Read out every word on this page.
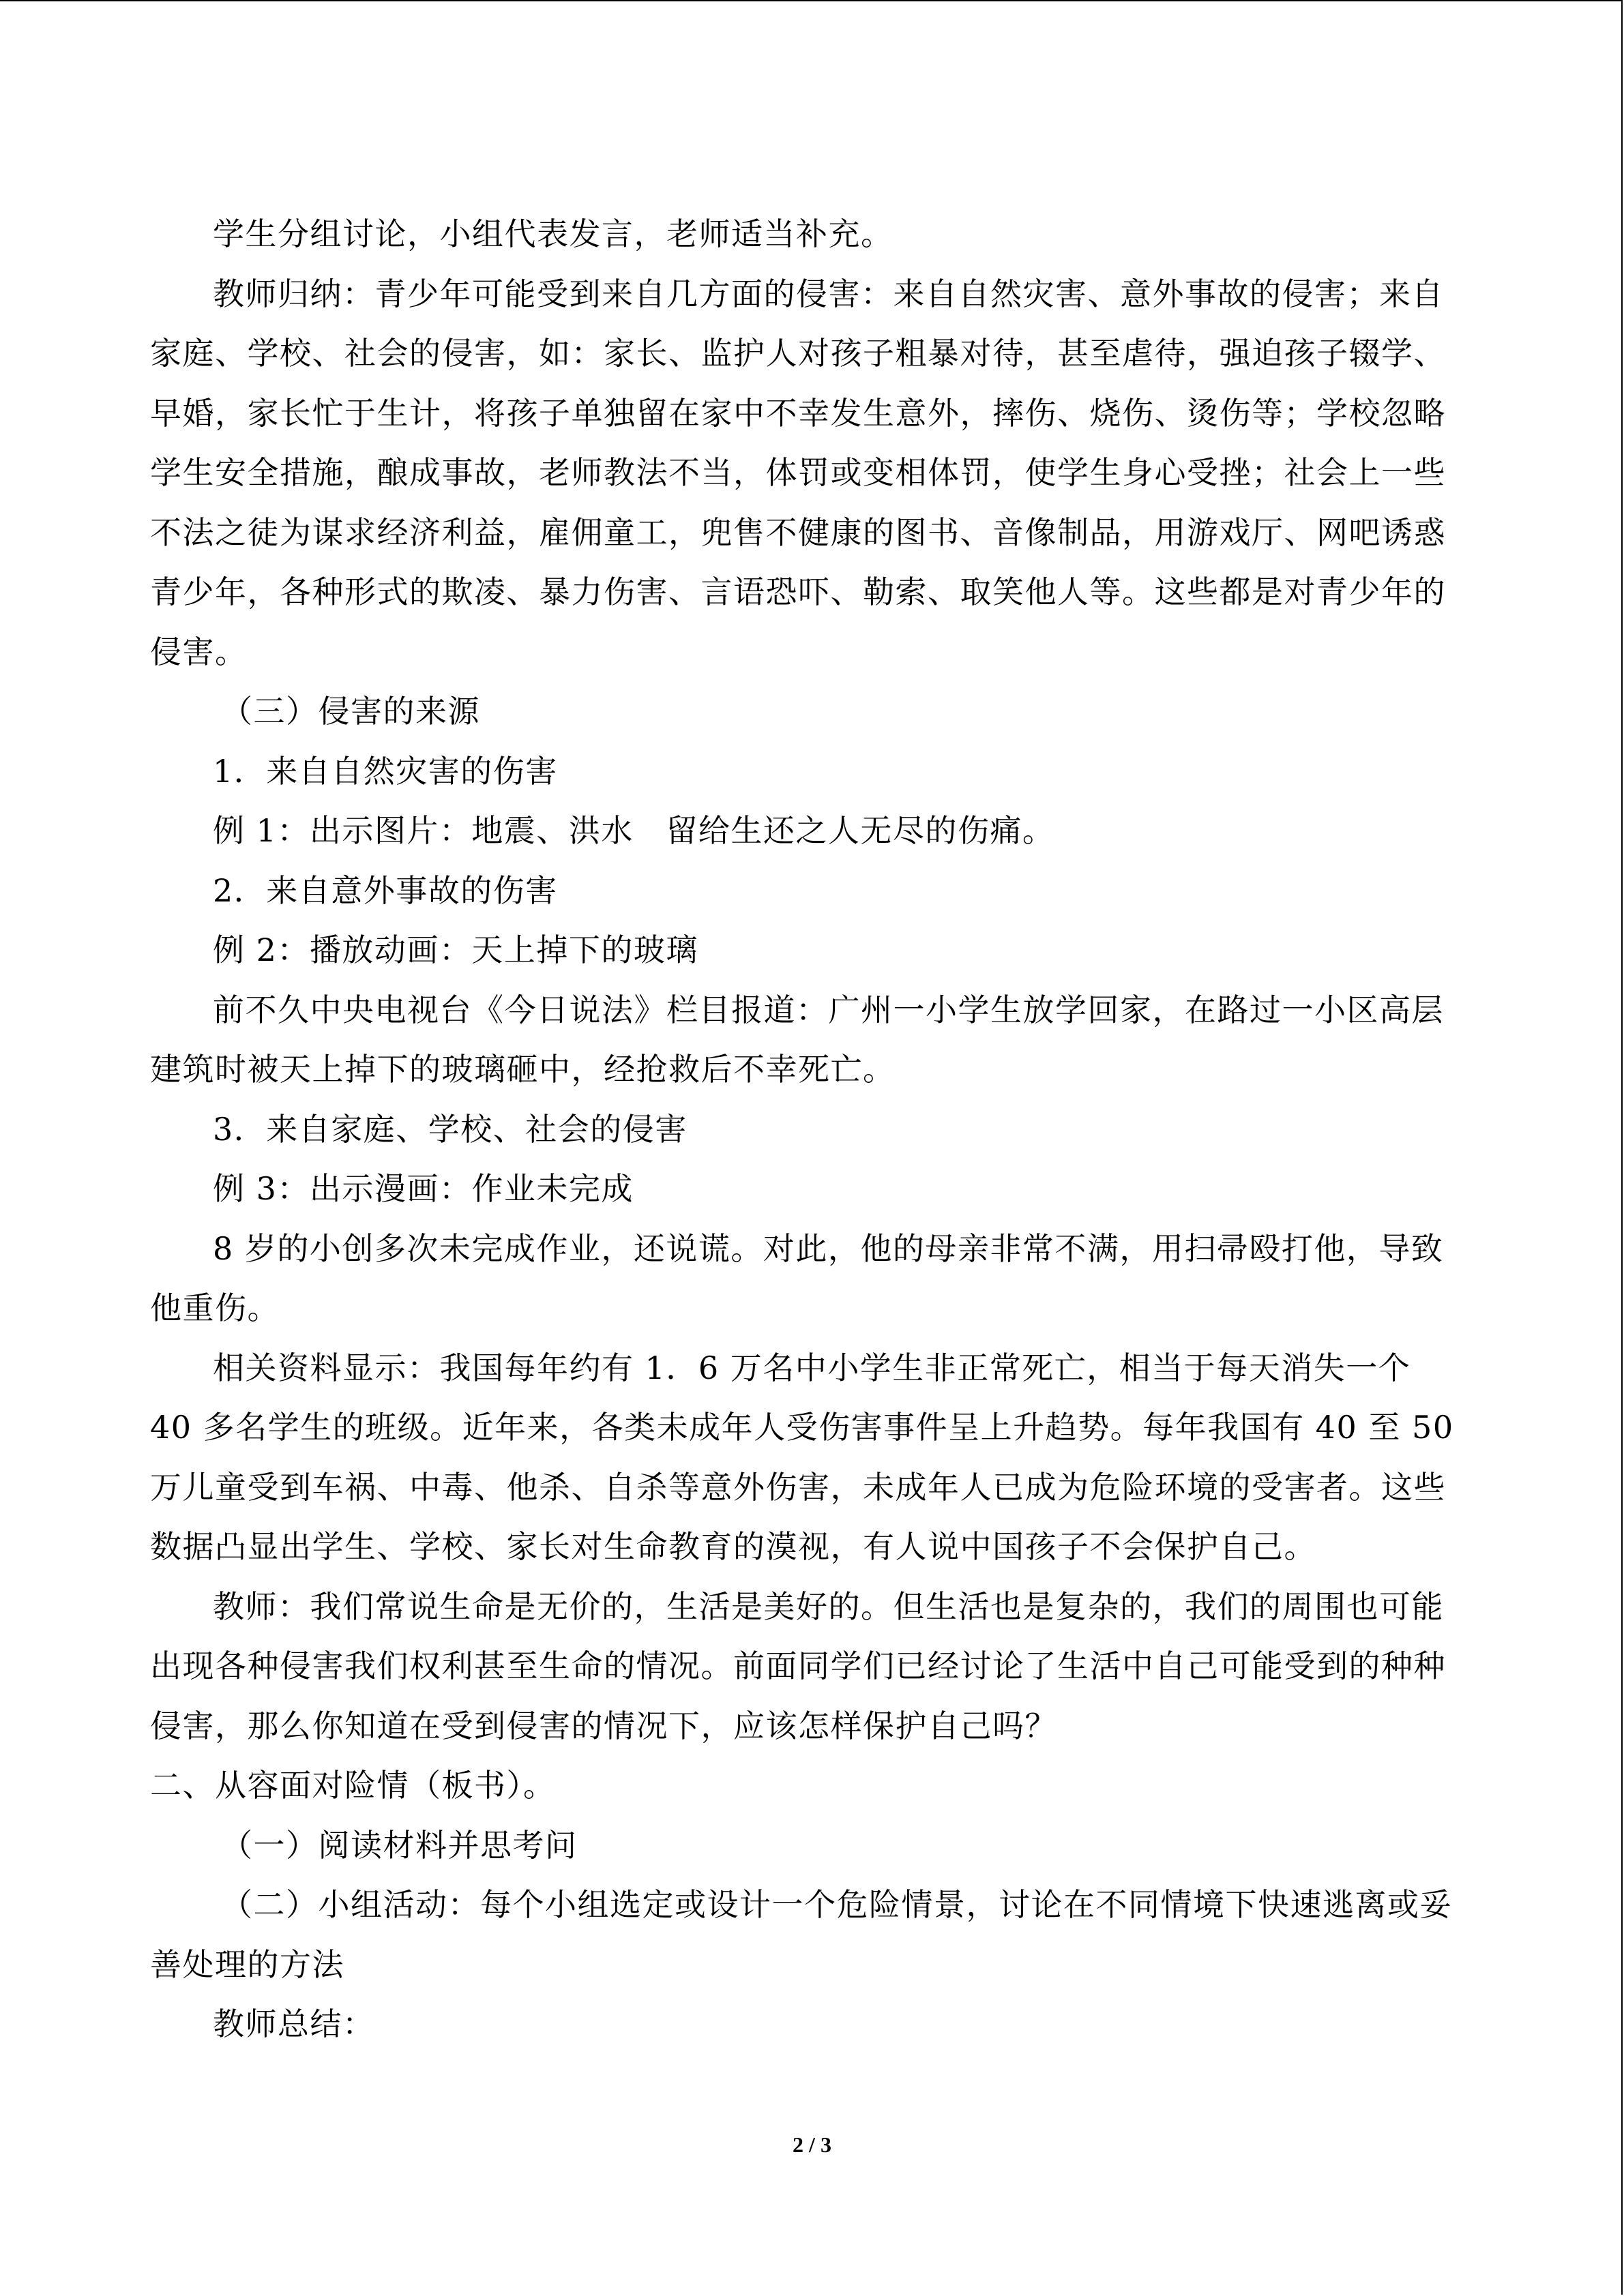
学生分组讨论，小组代表发言，老师适当补充。

教师归纳：青少年可能受到来自几方面的侵害：来自自然灾害、意外事故的侵害；来自家庭、学校、社会的侵害，如：家长、监护人对孩子粗暴对待，甚至虐待，强迫孩子辍学、早婚，家长忙于生计，将孩子单独留在家中不幸发生意外，摔伤、烧伤、烫伤等；学校忽略学生安全措施，酿成事故，老师教法不当，体罚或变相体罚，使学生身心受挫；社会上一些不法之徒为谋求经济利益，雇佣童工，兜售不健康的图书、音像制品，用游戏厅、网吧诱惑青少年，各种形式的欺凌、暴力伤害、言语恐吓、勒索、取笑他人等。这些都是对青少年的侵害。

（三）侵害的来源

1．来自自然灾害的伤害

例 1：出示图片：地震、洪水　留给生还之人无尽的伤痛。

2．来自意外事故的伤害

例 2：播放动画：天上掉下的玻璃

前不久中央电视台《今日说法》栏目报道：广州一小学生放学回家，在路过一小区高层建筑时被天上掉下的玻璃砸中，经抢救后不幸死亡。

3．来自家庭、学校、社会的侵害

例 3：出示漫画：作业未完成

8 岁的小创多次未完成作业，还说谎。对此，他的母亲非常不满，用扫帚殴打他，导致他重伤。

相关资料显示：我国每年约有 1．6 万名中小学生非正常死亡，相当于每天消失一个 40 多名学生的班级。近年来，各类未成年人受伤害事件呈上升趋势。每年我国有 40 至 50 万儿童受到车祸、中毒、他杀、自杀等意外伤害，未成年人已成为危险环境的受害者。这些数据凸显出学生、学校、家长对生命教育的漠视，有人说中国孩子不会保护自己。

教师：我们常说生命是无价的，生活是美好的。但生活也是复杂的，我们的周围也可能出现各种侵害我们权利甚至生命的情况。前面同学们已经讨论了生活中自己可能受到的种种侵害，那么你知道在受到侵害的情况下，应该怎样保护自己吗？

二、从容面对险情（板书）。

（一）阅读材料并思考问

（二）小组活动：每个小组选定或设计一个危险情景，讨论在不同情境下快速逃离或妥善处理的方法

教师总结：

2 / 3
